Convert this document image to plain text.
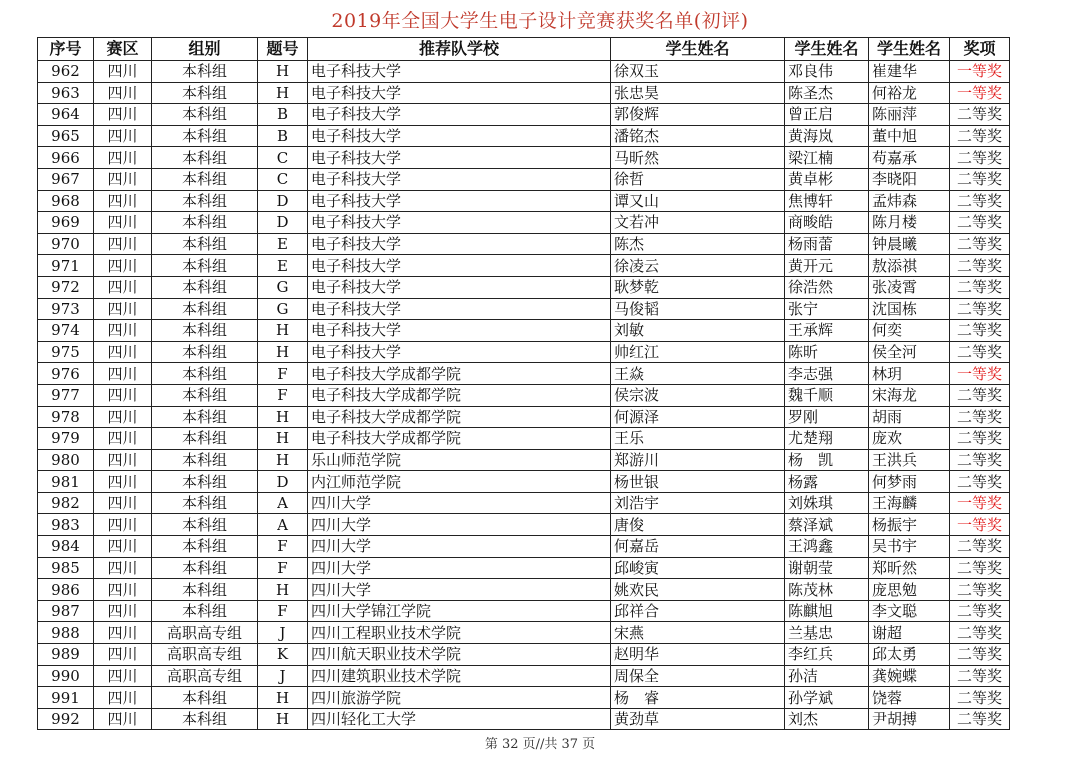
2019年全国大学生电子设计竞赛获奖名单(初评)
序号	赛区	组别	题号	推荐队学校	学生姓名	学生姓名	学生姓名	奖项
962	四川	本科组	H	电子科技大学	徐双玉	邓良伟	崔建华	一等奖
963	四川	本科组	H	电子科技大学	张忠昊	陈圣杰	何裕龙	一等奖
964	四川	本科组	B	电子科技大学	郭俊辉	曾正启	陈丽萍	二等奖
965	四川	本科组	B	电子科技大学	潘铭杰	黄海岚	董中旭	二等奖
966	四川	本科组	C	电子科技大学	马昕然	梁江楠	苟嘉承	二等奖
967	四川	本科组	C	电子科技大学	徐哲	黄卓彬	李晓阳	二等奖
968	四川	本科组	D	电子科技大学	谭又山	焦博轩	孟炜森	二等奖
969	四川	本科组	D	电子科技大学	文若冲	商畯皓	陈月楼	二等奖
970	四川	本科组	E	电子科技大学	陈杰	杨雨蕾	钟晨曦	二等奖
971	四川	本科组	E	电子科技大学	徐凌云	黄开元	敖添祺	二等奖
972	四川	本科组	G	电子科技大学	耿梦乾	徐浩然	张凌霄	二等奖
973	四川	本科组	G	电子科技大学	马俊韬	张宁	沈国栋	二等奖
974	四川	本科组	H	电子科技大学	刘敏	王承辉	何奕	二等奖
975	四川	本科组	H	电子科技大学	帅红江	陈昕	侯全河	二等奖
976	四川	本科组	F	电子科技大学成都学院	王焱	李志强	林玥	一等奖
977	四川	本科组	F	电子科技大学成都学院	侯宗波	魏千顺	宋海龙	二等奖
978	四川	本科组	H	电子科技大学成都学院	何源泽	罗刚	胡雨	二等奖
979	四川	本科组	H	电子科技大学成都学院	王乐	尤楚翔	庞欢	二等奖
980	四川	本科组	H	乐山师范学院	郑游川	杨　凯	王洪兵	二等奖
981	四川	本科组	D	内江师范学院	杨世银	杨露	何梦雨	二等奖
982	四川	本科组	A	四川大学	刘浩宇	刘姝琪	王海麟	一等奖
983	四川	本科组	A	四川大学	唐俊	蔡泽斌	杨振宇	一等奖
984	四川	本科组	F	四川大学	何嘉岳	王鸿鑫	吴书宇	二等奖
985	四川	本科组	F	四川大学	邱峻寅	谢朝莹	郑昕然	二等奖
986	四川	本科组	H	四川大学	姚欢民	陈茂林	庞思勉	二等奖
987	四川	本科组	F	四川大学锦江学院	邱祥合	陈麒旭	李文聪	二等奖
988	四川	高职高专组	J	四川工程职业技术学院	宋燕	兰基忠	谢超	二等奖
989	四川	高职高专组	K	四川航天职业技术学院	赵明华	李红兵	邱太勇	二等奖
990	四川	高职高专组	J	四川建筑职业技术学院	周保全	孙洁	龚婉蝶	二等奖
991	四川	本科组	H	四川旅游学院	杨　睿	孙学斌	饶蓉	二等奖
992	四川	本科组	H	四川轻化工大学	黄劲草	刘杰	尹胡搏	二等奖
第 32 页//共 37 页
